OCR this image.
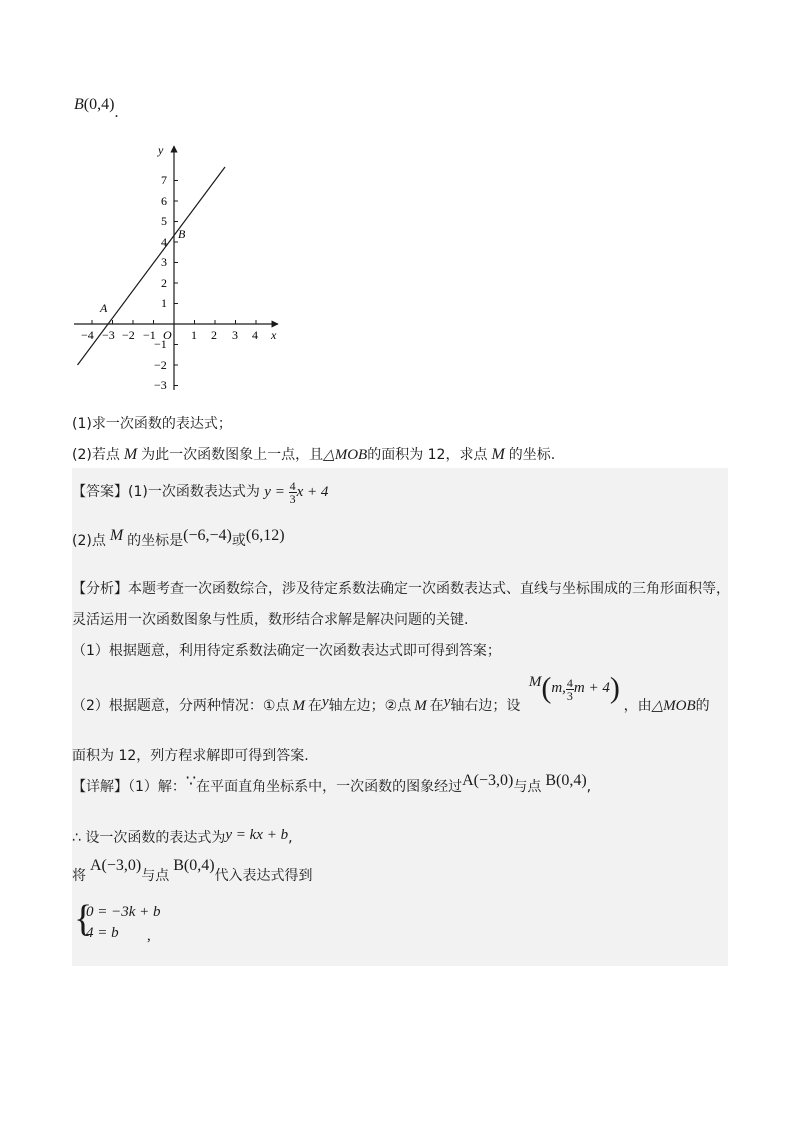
B(0,4).
−4 −3 −2 −1 O 1 2 3 4 x
y
7
6
5
4
3
2
1
−1
−2
−3
A
B
(1)求一次函数的表达式；
(2)若点 M 为此一次函数图象上一点，且△MOB的面积为 12，求点 M 的坐标.
【答案】(1)一次函数表达式为 $y = \frac{4}{3}$ x + 4
(2)点 M 的坐标是(−6,−4)或(6,12)
【分析】本题考查一次函数综合，涉及待定系数法确定一次函数表达式、直线与坐标围成的三角形面积等，
灵活运用一次函数图象与性质，数形结合求解是解决问题的关键.
（1）根据题意，利用待定系数法确定一次函数表达式即可得到答案；
（2）根据题意，分两种情况：①点 M 在y轴左边；②点 M 在y轴右边；设 M(m, $\frac{4}{3}$ m + 4) ，由△MOB的
面积为 12，列方程求解即可得到答案.
【详解】（1）解：∵在平面直角坐标系中，一次函数的图象经过A(−3,0)与点 B(0,4),
∴ 设一次函数的表达式为y = kx + b,
将A(−3,0)与点B(0,4)代入表达式得到
{
0 = −3k + b
4 = b ,
